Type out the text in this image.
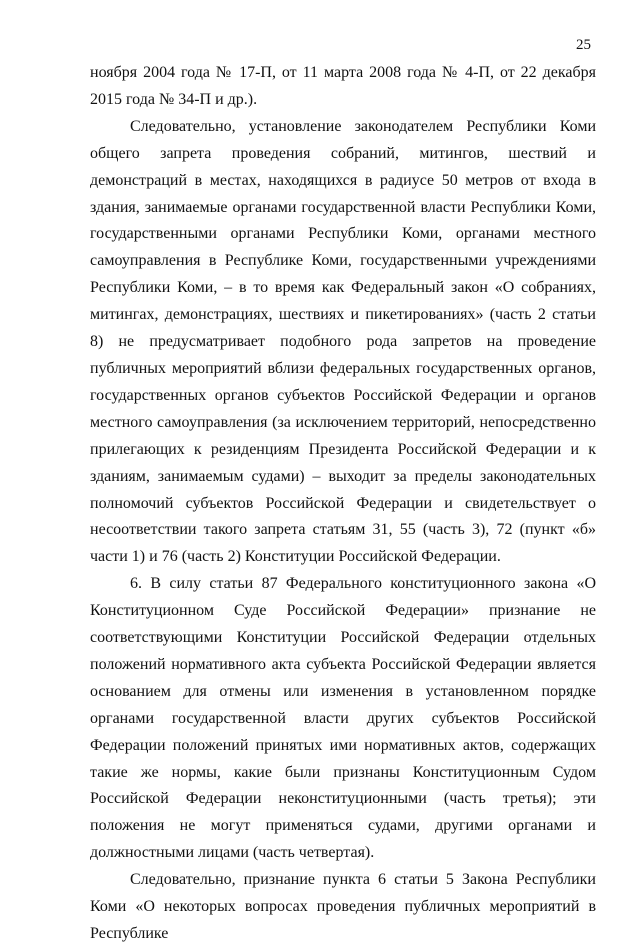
25

ноября 2004 года № 17-П, от 11 марта 2008 года № 4-П, от 22 декабря 2015 года № 34-П и др.).

Следовательно, установление законодателем Республики Коми общего запрета проведения собраний, митингов, шествий и демонстраций в местах, находящихся в радиусе 50 метров от входа в здания, занимаемые органами государственной власти Республики Коми, государственными органами Республики Коми, органами местного самоуправления в Республике Коми, государственными учреждениями Республики Коми, – в то время как Федеральный закон «О собраниях, митингах, демонстрациях, шествиях и пикетированиях» (часть 2 статьи 8) не предусматривает подобного рода запретов на проведение публичных мероприятий вблизи федеральных государственных органов, государственных органов субъектов Российской Федерации и органов местного самоуправления (за исключением территорий, непосредственно прилегающих к резиденциям Президента Российской Федерации и к зданиям, занимаемым судами) – выходит за пределы законодательных полномочий субъектов Российской Федерации и свидетельствует о несоответствии такого запрета статьям 31, 55 (часть 3), 72 (пункт «б» части 1) и 76 (часть 2) Конституции Российской Федерации.

6. В силу статьи 87 Федерального конституционного закона «О Конституционном Суде Российской Федерации» признание не соответствующими Конституции Российской Федерации отдельных положений нормативного акта субъекта Российской Федерации является основанием для отмены или изменения в установленном порядке органами государственной власти других субъектов Российской Федерации положений принятых ими нормативных актов, содержащих такие же нормы, какие были признаны Конституционным Судом Российской Федерации неконституционными (часть третья); эти положения не могут применяться судами, другими органами и должностными лицами (часть четвертая).

Следовательно, признание пункта 6 статьи 5 Закона Республики Коми «О некоторых вопросах проведения публичных мероприятий в Республике
